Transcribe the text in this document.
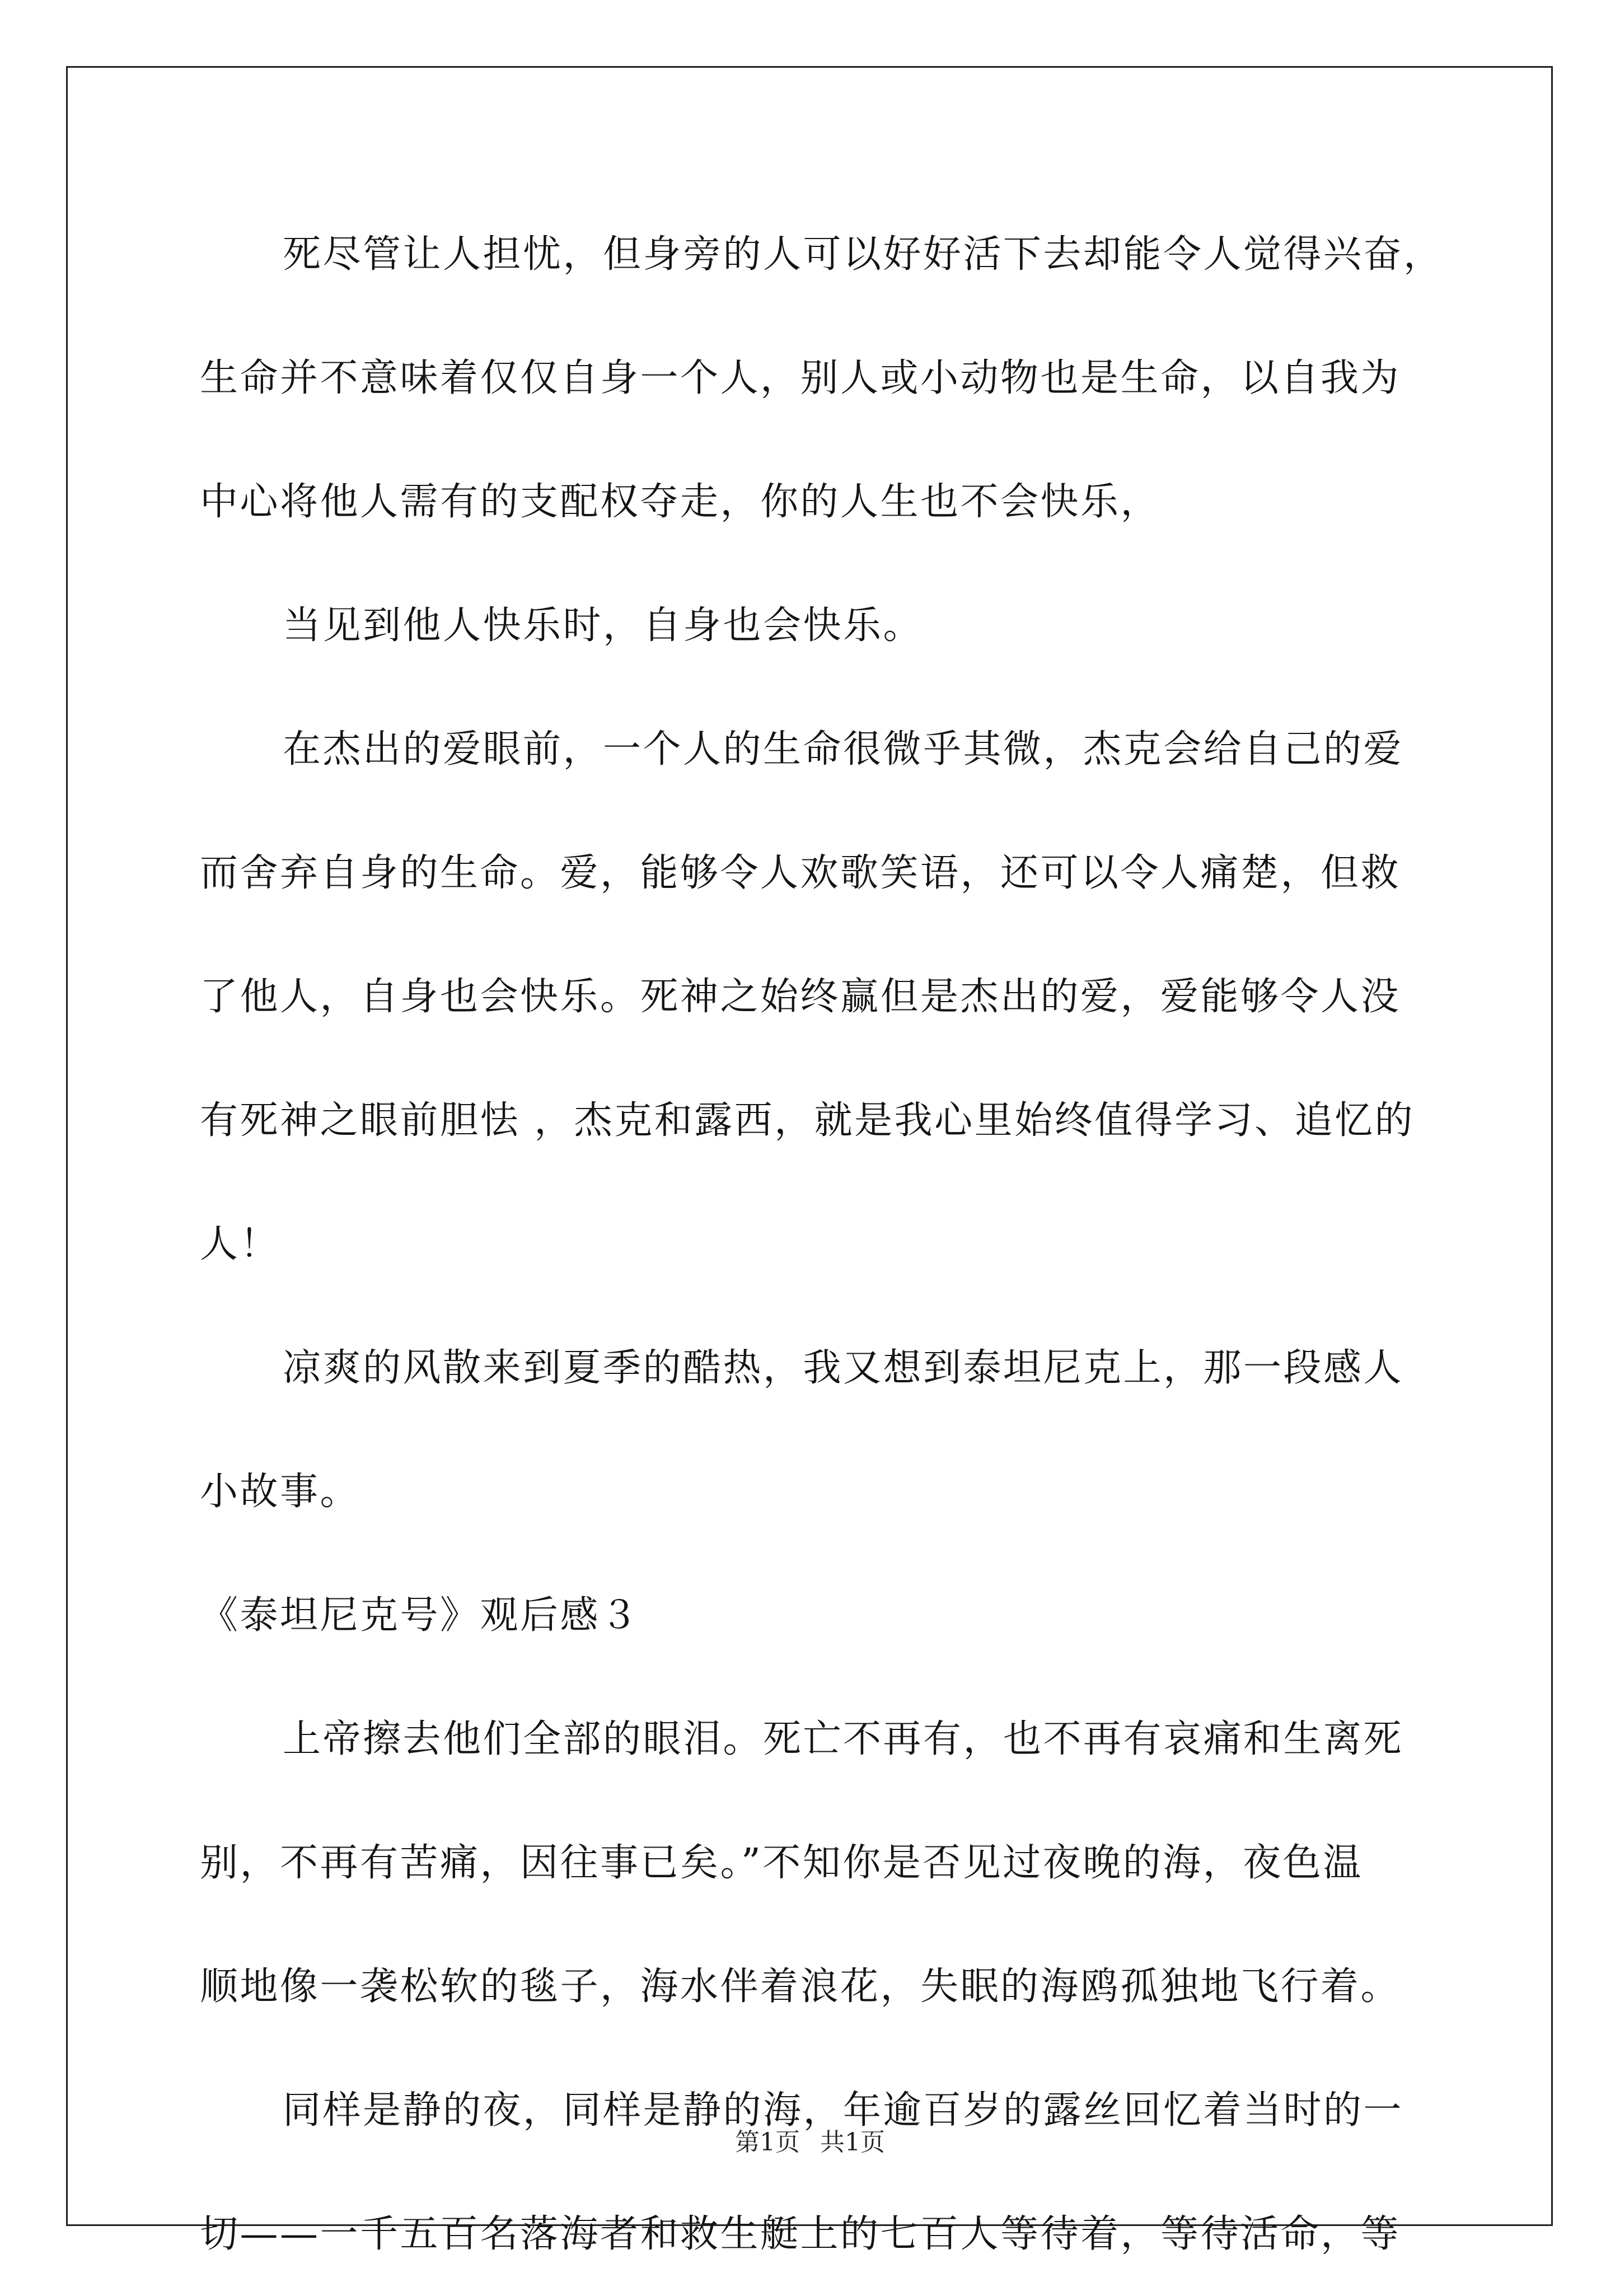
死尽管让人担忧，但身旁的人可以好好活下去却能令人觉得兴奋，
生命并不意味着仅仅自身一个人，别人或小动物也是生命，以自我为
中心将他人需有的支配权夺走，你的人生也不会快乐，
当见到他人快乐时，自身也会快乐。
在杰出的爱眼前，一个人的生命很微乎其微，杰克会给自己的爱
而舍弃自身的生命。爱，能够令人欢歌笑语，还可以令人痛楚，但救
了他人，自身也会快乐。死神之始终赢但是杰出的爱，爱能够令人没
有死神之眼前胆怯 ，杰克和露西，就是我心里始终值得学习、追忆的
人！
凉爽的风散来到夏季的酷热，我又想到泰坦尼克上，那一段感人
小故事。
《泰坦尼克号》观后感３
上帝擦去他们全部的眼泪。死亡不再有，也不再有哀痛和生离死
别，不再有苦痛，因往事已矣。”不知你是否见过夜晚的海，夜色温
顺地像一袭松软的毯子，海水伴着浪花，失眠的海鸥孤独地飞行着。
同样是静的夜，同样是静的海，年逾百岁的露丝回忆着当时的一
切——一千五百名落海者和救生艇上的七百人等待着，等待活命，等
第1页 共1页
